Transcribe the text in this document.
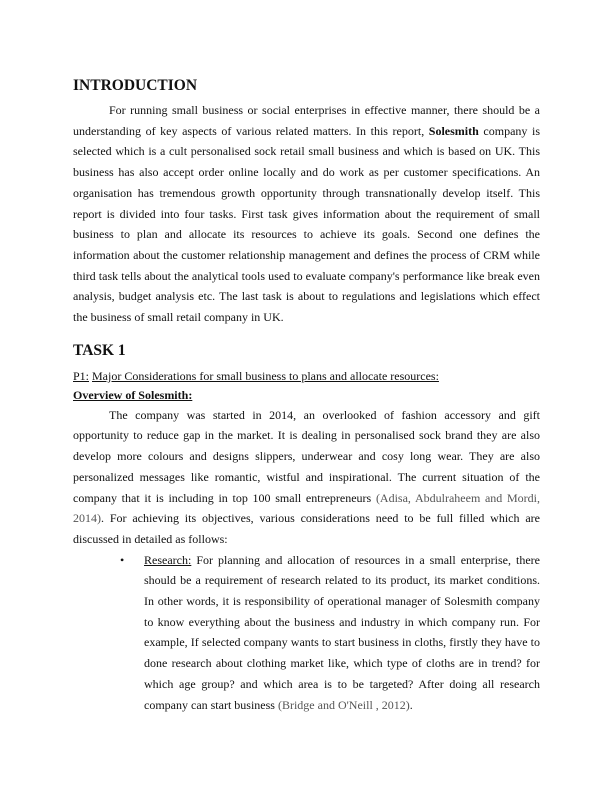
INTRODUCTION

For running small business or social enterprises in effective manner, there should be a understanding of key aspects of various related matters. In this report, Solesmith company is selected which is a cult personalised sock retail small business and which is based on UK. This business has also accept order online locally and do work as per customer specifications. An organisation has tremendous growth opportunity through transnationally develop itself. This report is divided into four tasks. First task gives information about the requirement of small business to plan and allocate its resources to achieve its goals. Second one defines the information about the customer relationship management and defines the process of CRM while third task tells about the analytical tools used to evaluate company's performance like break even analysis, budget analysis etc. The last task is about to regulations and legislations which effect the business of small retail company in UK.

TASK 1

P1: Major Considerations for small business to plans and allocate resources:

Overview of Solesmith:

The company was started in 2014, an overlooked of fashion accessory and gift opportunity to reduce gap in the market. It is dealing in personalised sock brand they are also develop more colours and designs slippers, underwear and cosy long wear. They are also personalized messages like romantic, wistful and inspirational. The current situation of the company that it is including in top 100 small entrepreneurs (Adisa, Abdulraheem and Mordi, 2014). For achieving its objectives, various considerations need to be full filled which are discussed in detailed as follows:

• Research: For planning and allocation of resources in a small enterprise, there should be a requirement of research related to its product, its market conditions. In other words, it is responsibility of operational manager of Solesmith company to know everything about the business and industry in which company run. For example, If selected company wants to start business in cloths, firstly they have to done research about clothing market like, which type of cloths are in trend? for which age group? and which area is to be targeted? After doing all research company can start business (Bridge and O'Neill , 2012).
